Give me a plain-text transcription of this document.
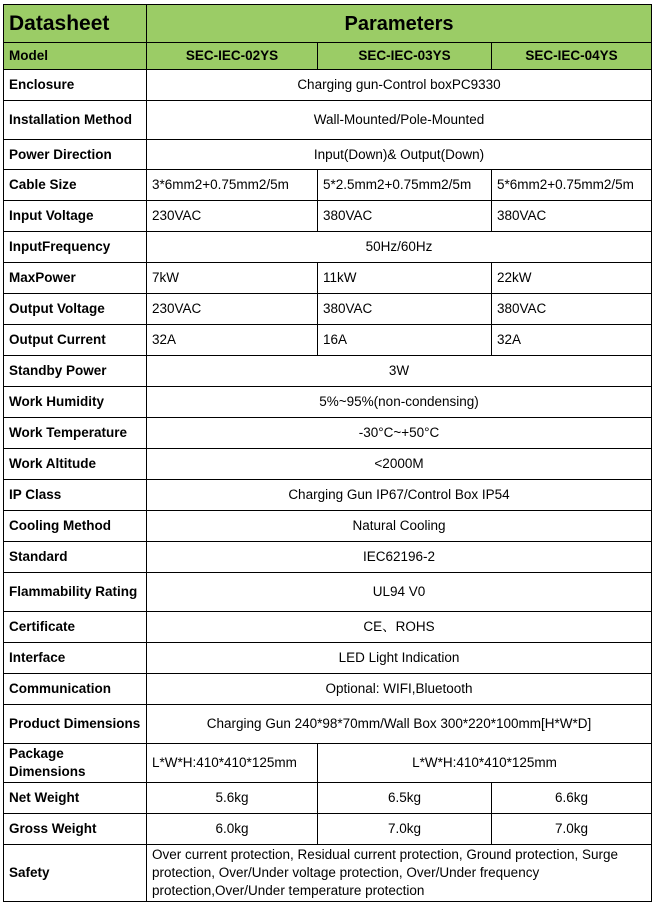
Datasheet	Parameters		
Model	SEC-IEC-02YS	SEC-IEC-03YS	SEC-IEC-04YS
Enclosure	Charging gun-Control boxPC9330		
Installation Method	Wall-Mounted/Pole-Mounted		
Power Direction	Input(Down)& Output(Down)		
Cable Size	3*6mm2+0.75mm2/5m	5*2.5mm2+0.75mm2/5m	5*6mm2+0.75mm2/5m
Input Voltage	230VAC	380VAC	380VAC
InputFrequency	50Hz/60Hz		
MaxPower	7kW	11kW	22kW
Output Voltage	230VAC	380VAC	380VAC
Output Current	32A	16A	32A
Standby Power	3W		
Work Humidity	5%~95%(non-condensing)		
Work Temperature	-30°C~+50°C		
Work Altitude	<2000M		
IP Class	Charging Gun IP67/Control Box IP54		
Cooling Method	Natural Cooling		
Standard	IEC62196-2		
Flammability Rating	UL94 V0		
Certificate	CE、ROHS		
Interface	LED Light Indication		
Communication	Optional: WIFI,Bluetooth		
Product Dimensions	Charging Gun 240*98*70mm/Wall Box 300*220*100mm[H*W*D]		
Package Dimensions	L*W*H:410*410*125mm	L*W*H:410*410*125mm	
Net Weight	5.6kg	6.5kg	6.6kg
Gross Weight	6.0kg	7.0kg	7.0kg
Safety	Over current protection, Residual current protection, Ground protection, Surge protection, Over/Under voltage protection, Over/Under frequency protection,Over/Under temperature protection		
